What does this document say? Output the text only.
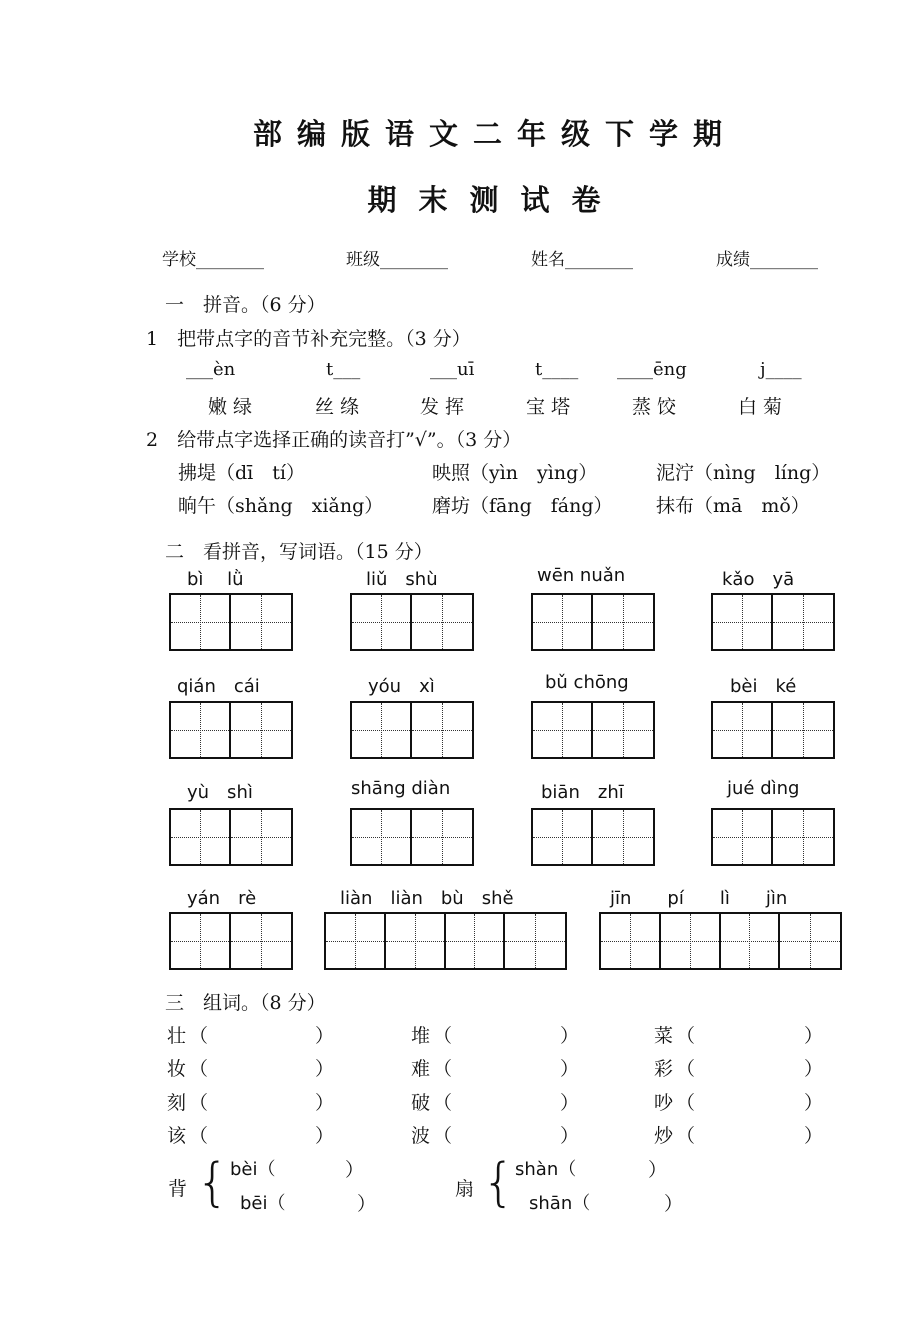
部编版语文二年级下学期
期末测试卷
学校________	班级________	姓名________	成绩________
一　拼音。（6 分）
1　把带点字的音节补充完整。（3 分）
___èn	t___	___uī	t____ ____ēng	j____
嫩 绿	丝 绦	发 挥	宝 塔	蒸 饺	白 菊
2　给带点字选择正确的读音打”√”。（3 分）
拂堤（dī　tí）	映照（yìn　yìng）	泥泞（nìng　líng）
晌午（shǎng　xiǎng）	磨坊（fāng　fáng） 抹布（mā　mǒ）
二　看拼音，写词语。（15 分）
bì　 lǜ	liǔ　shù	wēn nuǎn	kǎo　yā
qián　cái	yóu　xì	bǔ chōng	bèi　ké
yù　shì	shāng diàn	biān　zhī	jué dìng
yán　rè	liàn　liàn　bù　shě	jīn　　pí　　lì　　jìn
三　组词。（8 分）
壮 （	）	堆 （	）	菜 （	）
妆 （	）	难 （	）	彩 （	）
刻 （	）	破 （	）	吵 （	）
该 （	）	波 （	）	炒 （	）
背 { bèi（	）
bēi（	）
扇 { shàn（	）
shān（	）
